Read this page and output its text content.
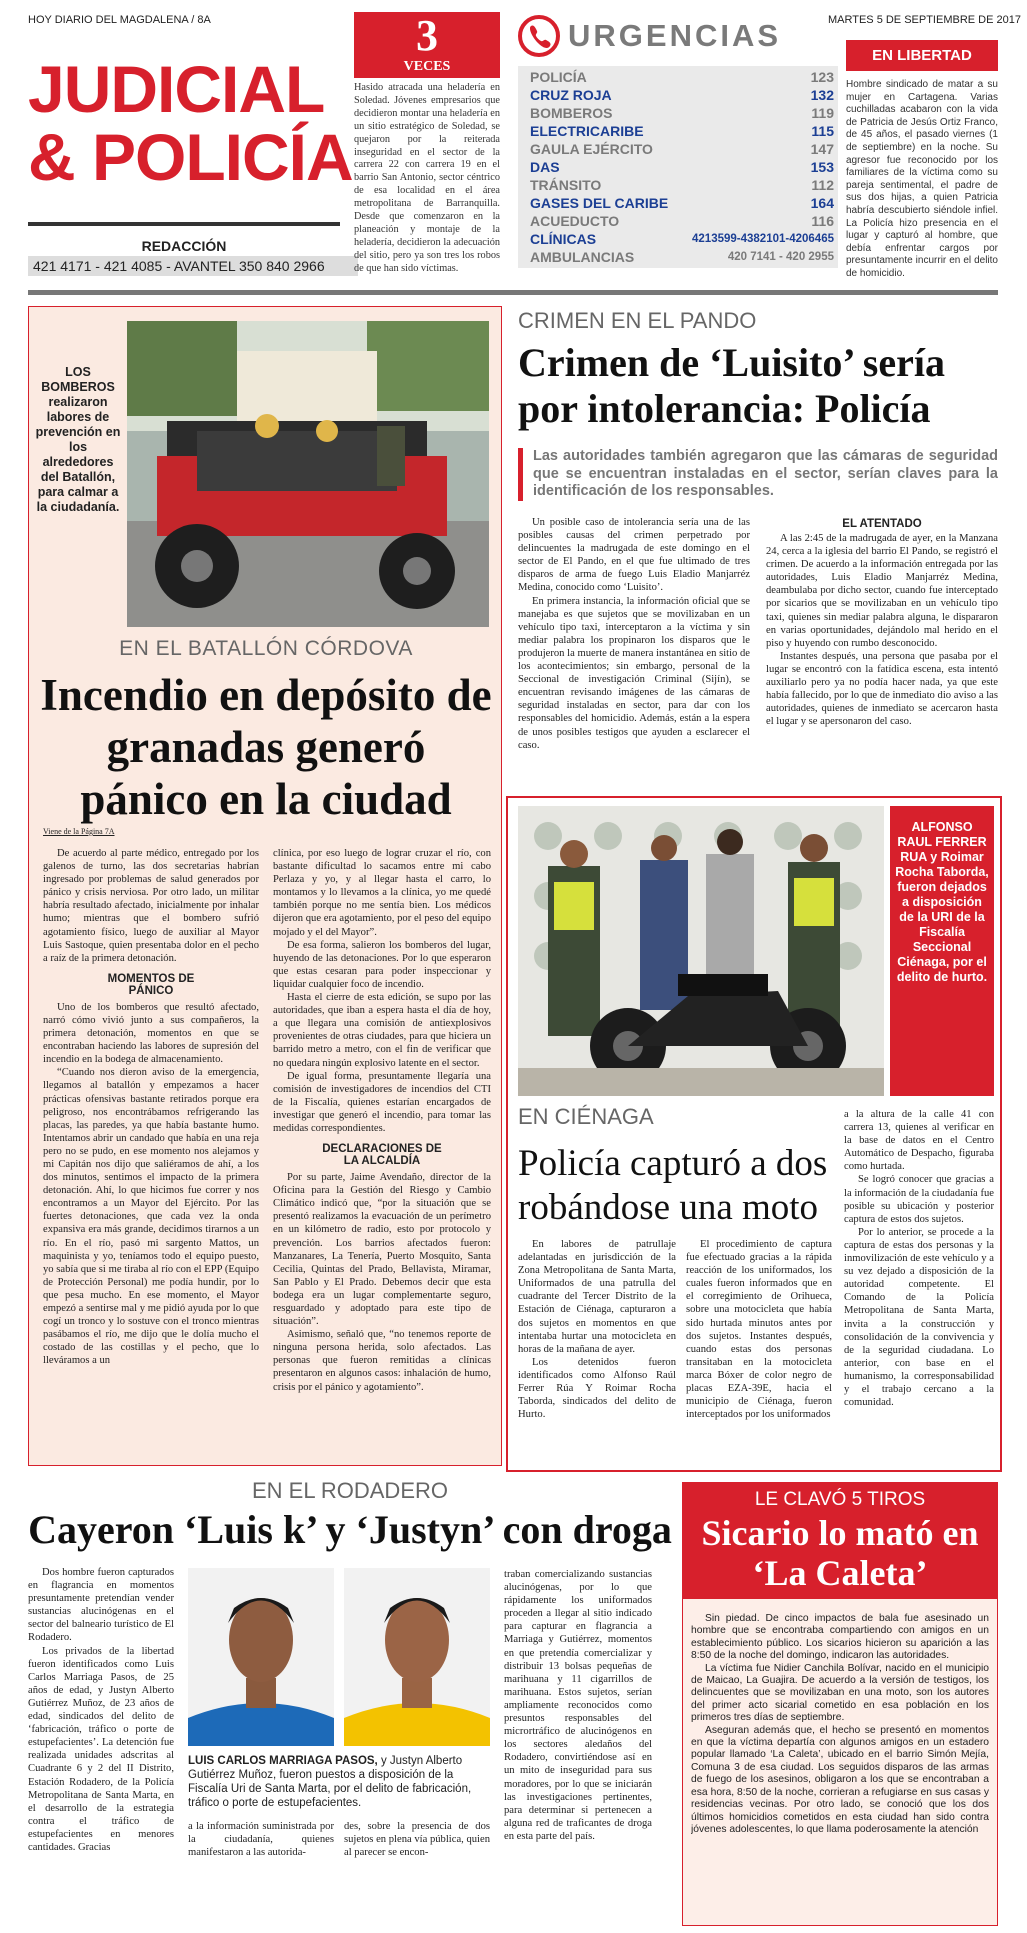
HOY DIARIO DEL MAGDALENA / 8A	MARTES 5 DE SEPTIEMBRE DE 2017
JUDICIAL
& POLICÍA
REDACCIÓN
421 4171 - 421 4085 - AVANTEL 350 840 2966
3
VECES
Hasido atracada una heladería en Soledad. Jóvenes empresarios que decidieron montar una heladería en un sitio estratégico de Soledad, se quejaron por la reiterada inseguridad en el sector de la carrera 22 con carrera 19 en el barrio San Antonio, sector céntrico de esa localidad en el área metropolitana de Barranquilla. Desde que comenzaron en la planeación y montaje de la heladería, decidieron la adecuación del sitio, pero ya son tres los robos de que han sido víctimas.
URGENCIAS
POLICÍA	123
CRUZ ROJA	132
BOMBEROS	119
ELECTRICARIBE	115
GAULA EJÉRCITO	147
DAS	153
TRÁNSITO	112
GASES DEL CARIBE	164
ACUEDUCTO	116
CLÍNICAS	4213599-4382101-4206465
AMBULANCIAS	420 7141 - 420 2955
EN LIBERTAD
Hombre sindicado de matar a su mujer en Cartagena. Varias cuchilladas acabaron con la vida de Patricia de Jesús Ortiz Franco, de 45 años, el pasado viernes (1 de septiembre) en la noche. Su agresor fue reconocido por los familiares de la víctima como su pareja sentimental, el padre de sus dos hijas, a quien Patricia habría descubierto siéndole infiel. La Policía hizo presencia en el lugar y capturó al hombre, que debía enfrentar cargos por presuntamente incurrir en el delito de homicidio.
LOS BOMBEROS realizaron labores de prevención en los alrededores del Batallón, para calmar a la ciudadanía.
EN EL BATALLÓN CÓRDOVA
Incendio en depósito de granadas generó pánico en la ciudad
Viene de la Página 7A

De acuerdo al parte médico, entregado por los galenos de turno, las dos secretarias habrían ingresado por problemas de salud generados por pánico y crisis nerviosa. Por otro lado, un militar habría resultado afectado, inicialmente por inhalar humo; mientras que el bombero sufrió agotamiento físico, luego de auxiliar al Mayor Luis Sastoque, quien presentaba dolor en el pecho a raíz de la primera detonación.

MOMENTOS DE PÁNICO

Uno de los bomberos que resultó afectado, narró cómo vivió junto a sus compañeros, la primera detonación, momentos en que se encontraban haciendo las labores de supresión del incendio en la bodega de almacenamiento.

“Cuando nos dieron aviso de la emergencia, llegamos al batallón y empezamos a hacer prácticas ofensivas bastante retirados porque era peligroso, nos encontrábamos refrigerando las placas, las paredes, ya que había bastante humo. Intentamos abrir un candado que había en una reja pero no se pudo, en ese momento nos alejamos y mi Capitán nos dijo que saliéramos de ahí, a los dos minutos, sentimos el impacto de la primera detonación. Ahí, lo que hicimos fue correr y nos encontramos a un Mayor del Ejército. Por las fuertes detonaciones, que cada vez la onda expansiva era más grande, decidimos tirarnos a un río. En el río, pasó mi sargento Mattos, un maquinista y yo, teníamos todo el equipo puesto, yo sabía que si me tiraba al río con el EPP (Equipo de Protección Personal) me podía hundir, por lo que pesa mucho. En ese momento, el Mayor empezó a sentirse mal y me pidió ayuda por lo que cogí un tronco y lo sostuve con el tronco mientras pasábamos el río, me dijo que le dolía mucho el costado de las costillas y el pecho, que lo lleváramos a un

clínica, por eso luego de lograr cruzar el río, con bastante dificultad lo sacamos entre mi cabo Perlaza y yo, y al llegar hasta el carro, lo montamos y lo llevamos a la clínica, yo me quedé también porque no me sentía bien. Los médicos dijeron que era agotamiento, por el peso del equipo mojado y el del Mayor”.

De esa forma, salieron los bomberos del lugar, huyendo de las detonaciones. Por lo que esperaron que estas cesaran para poder inspeccionar y liquidar cualquier foco de incendio.

Hasta el cierre de esta edición, se supo por las autoridades, que iban a espera hasta el día de hoy, a que llegara una comisión de antiexplosivos provenientes de otras ciudades, para que hiciera un barrido metro a metro, con el fin de verificar que no quedara ningún explosivo latente en el sector.

De igual forma, presuntamente llegaría una comisión de investigadores de incendios del CTI de la Fiscalía, quienes estarían encargados de investigar que generó el incendio, para tomar las medidas correspondientes.

DECLARACIONES DE LA ALCALDÍA

Por su parte, Jaime Avendaño, director de la Oficina para la Gestión del Riesgo y Cambio Climático indicó que, “por la situación que se presentó realizamos la evacuación de un perímetro en un kilómetro de radio, esto por protocolo y prevención. Los barrios afectados fueron: Manzanares, La Tenería, Puerto Mosquito, Santa Cecilia, Quintas del Prado, Bellavista, Miramar, San Pablo y El Prado. Debemos decir que esta bodega era un lugar complementarte seguro, resguardado y adoptado para este tipo de situación”.

Asimismo, señaló que, “no tenemos reporte de ninguna persona herida, solo afectados. Las personas que fueron remitidas a clínicas presentaron en algunos casos: inhalación de humo, crisis por el pánico y agotamiento”.

CRIMEN EN EL PANDO
Crimen de ‘Luisito’ sería por intolerancia: Policía
Las autoridades también agregaron que las cámaras de seguridad que se encuentran instaladas en el sector, serían claves para la identificación de los responsables.

Un posible caso de intolerancia sería una de las posibles causas del crimen perpetrado por delincuentes la madrugada de este domingo en el sector de El Pando, en el que fue ultimado de tres disparos de arma de fuego Luis Eladio Manjarréz Medina, conocido como ‘Luisito’.

En primera instancia, la información oficial que se manejaba es que sujetos que se movilizaban en un vehículo tipo taxi, interceptaron a la víctima y sin mediar palabra los propinaron los disparos que le produjeron la muerte de manera instantánea en sitio de los acontecimientos; sin embargo, personal de la Seccional de investigación Criminal (Sijín), se encuentran revisando imágenes de las cámaras de seguridad instaladas en sector, para dar con los responsables del homicidio. Además, están a la espera de unos posibles testigos que ayuden a esclarecer el caso.

EL ATENTADO

A las 2:45 de la madrugada de ayer, en la Manzana 24, cerca a la iglesia del barrio El Pando, se registró el crimen. De acuerdo a la información entregada por las autoridades, Luis Eladio Manjarréz Medina, deambulaba por dicho sector, cuando fue interceptado por sicarios que se movilizaban en un vehículo tipo taxi, quienes sin mediar palabra alguna, le dispararon en varias oportunidades, dejándolo mal herido en el piso y huyendo con rumbo desconocido.

Instantes después, una persona que pasaba por el lugar se encontró con la fatídica escena, esta intentó auxiliarlo pero ya no podía hacer nada, ya que este había fallecido, por lo que de inmediato dio aviso a las autoridades, quienes de inmediato se acercaron hasta el lugar y se apersonaron del caso.

ALFONSO RAUL FERRER RUA y Roimar Rocha Taborda, fueron dejados a disposición de la URI de la Fiscalía Seccional Ciénaga, por el delito de hurto.
EN CIÉNAGA
Policía capturó a dos robándose una moto

En labores de patrullaje adelantadas en jurisdicción de la Zona Metropolitana de Santa Marta, Uniformados de una patrulla del cuadrante del Tercer Distrito de la Estación de Ciénaga, capturaron a dos sujetos en momentos en que intentaba hurtar una motocicleta en horas de la mañana de ayer.

Los detenidos fueron identificados como Alfonso Raúl Ferrer Rúa Y Roimar Rocha Taborda, sindicados del delito de Hurto.

El procedimiento de captura fue efectuado gracias a la rápida reacción de los uniformados, los cuales fueron informados que en el corregimiento de Orihueca, sobre una motocicleta que había sido hurtada minutos antes por dos sujetos. Instantes después, cuando estas dos personas transitaban en la motocicleta marca Bóxer de color negro de placas EZA-39E, hacia el municipio de Ciénaga, fueron interceptados por los uniformados

a la altura de la calle 41 con carrera 13, quienes al verificar en la base de datos en el Centro Automático de Despacho, figuraba como hurtada.

Se logró conocer que gracias a la información de la ciudadanía fue posible su ubicación y posterior captura de estos dos sujetos.

Por lo anterior, se procede a la captura de estas dos personas y la inmovilización de este vehículo y a su vez dejado a disposición de la autoridad competente. El Comando de la Policía Metropolitana de Santa Marta, invita a la construcción y consolidación de la convivencia y de la seguridad ciudadana. Lo anterior, con base en el humanismo, la corresponsabilidad y el trabajo cercano a la comunidad.

EN EL RODADERO
Cayeron ‘Luis k’ y ‘Justyn’ con droga

Dos hombre fueron capturados en flagrancia en momentos presuntamente pretendían vender sustancias alucinógenas en el sector del balneario turístico de El Rodadero.

Los privados de la libertad fueron identificados como Luis Carlos Marriaga Pasos, de 25 años de edad, y Justyn Alberto Gutiérrez Muñoz, de 23 años de edad, sindicados del delito de ‘fabricación, tráfico o porte de estupefacientes’. La detención fue realizada unidades adscritas al Cuadrante 6 y 2 del II Distrito, Estación Rodadero, de la Policía Metropolitana de Santa Marta, en el desarrollo de la estrategia contra el tráfico de estupefacientes en menores cantidades. Gracias

LUIS CARLOS MARRIAGA PASOS, y Justyn Alberto Gutiérrez Muñoz, fueron puestos a disposición de la Fiscalía Uri de Santa Marta, por el delito de fabricación, tráfico o porte de estupefacientes.

a la información suministrada por la ciudadanía, quienes manifestaron a las autorida-

des, sobre la presencia de dos sujetos en plena vía pública, quien al parecer se encon-

traban comercializando sustancias alucinógenas, por lo que rápidamente los uniformados proceden a llegar al sitio indicado para capturar en flagrancia a Marriaga y Gutiérrez, momentos en que pretendía comercializar y distribuir 13 bolsas pequeñas de marihuana y 11 cigarrillos de marihuana. Estos sujetos, serían ampliamente reconocidos como presuntos responsables del micrortráfico de alucinógenos en los sectores aledaños del Rodadero, convirtiéndose así en un mito de inseguridad para sus moradores, por lo que se iniciarán las investigaciones pertinentes, para determinar si pertenecen a alguna red de traficantes de droga en esta parte del país.

LE CLAVÓ 5 TIROS
Sicario lo mató en ‘La Caleta’

Sin piedad. De cinco impactos de bala fue asesinado un hombre que se encontraba compartiendo con amigos en un establecimiento público. Los sicarios hicieron su aparición a las 8:50 de la noche del domingo, indicaron las autoridades.

La víctima fue Nidier Canchila Bolívar, nacido en el municipio de Maicao, La Guajira. De acuerdo a la versión de testigos, los delincuentes que se movilizaban en una moto, son los autores del primer acto sicarial cometido en esa población en los primeros tres días de septiembre.

Aseguran además que, el hecho se presentó en momentos en que la víctima departía con algunos amigos en un estadero popular llamado ‘La Caleta’, ubicado en el barrio Simón Mejía, Comuna 3 de esa ciudad. Los seguidos disparos de las armas de fuego de los asesinos, obligaron a los que se encontraban a esa hora, 8:50 de la noche, corrieran a refugiarse en sus casas y residencias vecinas. Por otro lado, se conoció que los dos últimos homicidios cometidos en esta ciudad han sido contra jóvenes adolescentes, lo que llama poderosamente la atención
